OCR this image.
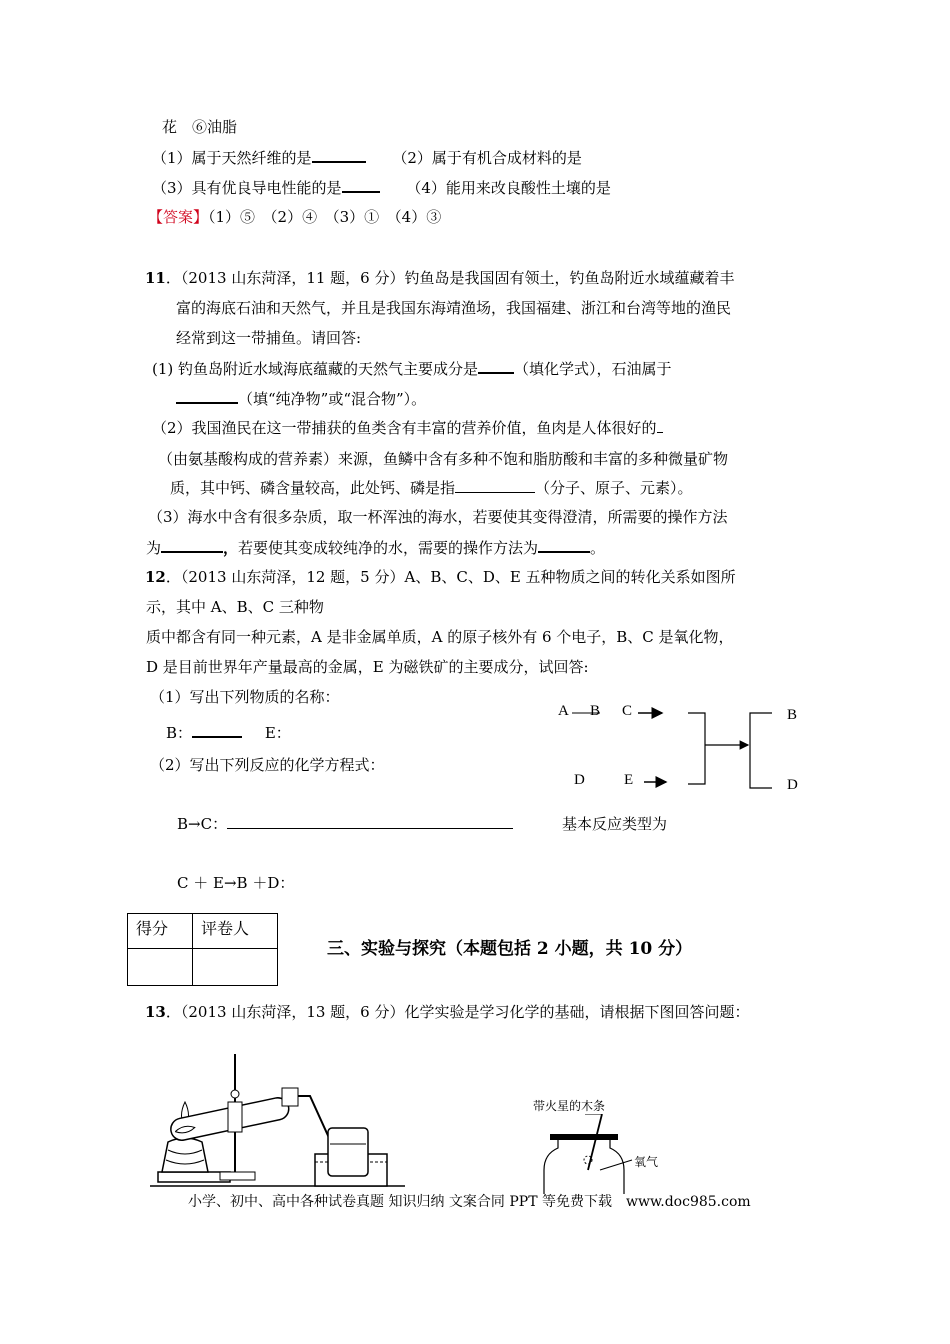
花　⑥油脂
（1）属于天然纤维的是	（2）属于有机合成材料的是
（3）具有优良导电性能的是	（4）能用来改良酸性土壤的是
【答案】（1）⑤　（2）④　（3）①　（4）③
11．（2013 山东菏泽，11 题，6 分）钓鱼岛是我国固有领土，钓鱼岛附近水域蕴藏着丰
富的海底石油和天然气，并且是我国东海靖渔场，我国福建、浙江和台湾等地的渔民
经常到这一带捕鱼。请回答:
(1) 钓鱼岛附近水域海底蕴藏的天然气主要成分是 （填化学式），石油属于
（填“纯净物”或“混合物”）。
（2）我国渔民在这一带捕获的鱼类含有丰富的营养价值，鱼肉是人体很好的
（由氨基酸构成的营养素）来源，鱼鳞中含有多种不饱和脂肪酸和丰富的多种微量矿物
质，其中钙、磷含量较高，此处钙、磷是指	（分子、原子、元素）。
（3）海水中含有很多杂质，取一杯浑浊的海水，若要使其变得澄清，所需要的操作方法
为	，若要使其变成较纯净的水，需要的操作方法为	。
12．（2013 山东菏泽，12 题，5 分）A、B、C、D、E 五种物质之间的转化关系如图所
示，其中 A、B、C 三种物
质中都含有同一种元素，A 是非金属单质，A 的原子核外有 6 个电子，B、C 是氧化物，
D 是目前世界年产量最高的金属，E 为磁铁矿的主要成分，试回答:
（1）写出下列物质的名称：
B：	E：
（2）写出下列反应的化学方程式：
B→C：	基本反应类型为
C ＋ E→B ＋D：
A B C
D	E
B
D
得分	评卷人

三、实验与探究（本题包括 2 小题，共 10 分）
13．（2013 山东菏泽，13 题，6 分）化学实验是学习化学的基础，请根据下图回答问题：
带火星的木条
氧气
小学、初中、高中各种试卷真题 知识归纳 文案合同 PPT 等免费下载　www.doc985.com
